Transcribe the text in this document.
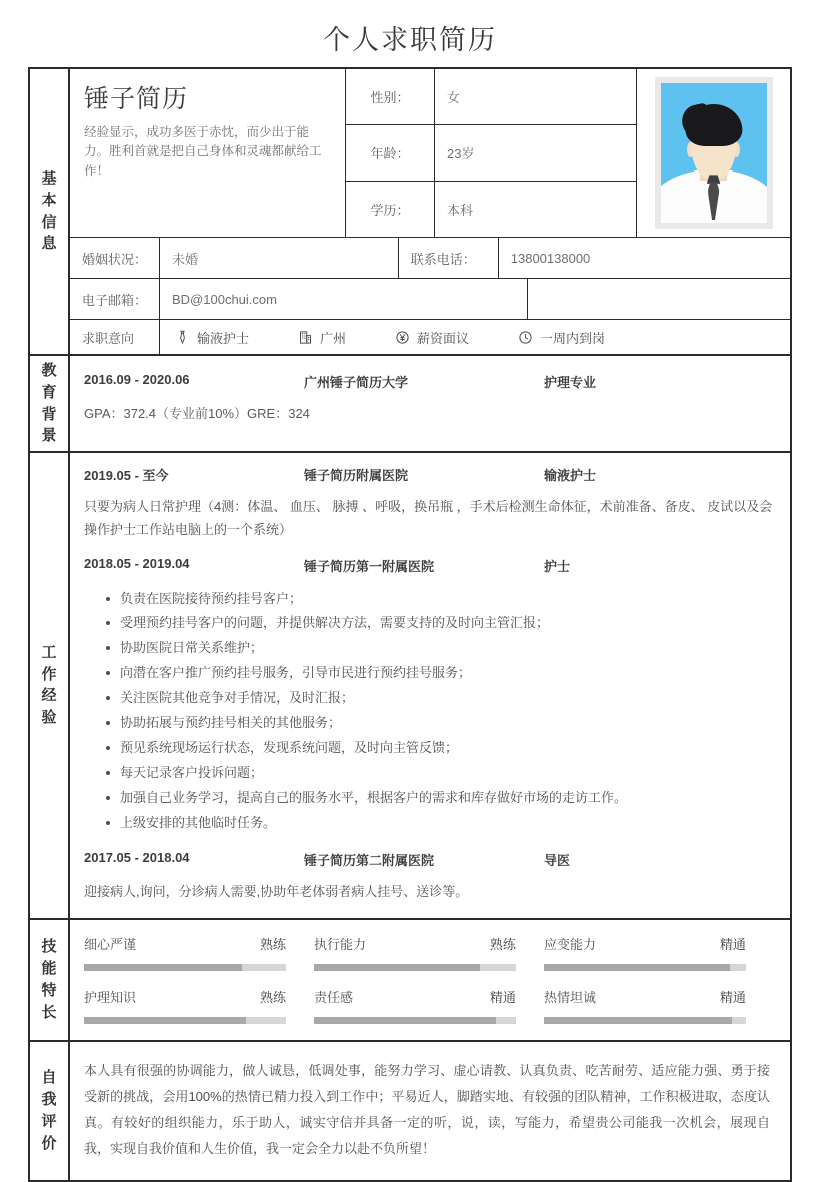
个人求职简历
基
本
信
息
锤子简历
经验显示，成功多医于赤忱，而少出于能力。胜利首就是把自己身体和灵魂都献给工作！
性别：	女
年龄：	23岁
学历：	本科
婚姻状况：	未婚	联系电话：	13800138000
电子邮箱：	BD@100chui.com
求职意向	输液护士	广州	薪资面议	一周内到岗
教
育
背
景
2016.09 - 2020.06	广州锤子简历大学	护理专业
GPA：372.4（专业前10%）GRE：324
工
作
经
验
2019.05 - 至今	锤子简历附属医院	输液护士
只要为病人日常护理（4测：体温、 血压、 脉搏 、呼吸，换吊瓶 ，手术后检测生命体征，术前准备、备皮、 皮试以及会操作护士工作站电脑上的一个系统）
2018.05 - 2019.04	锤子简历第一附属医院	护士
负责在医院接待预约挂号客户；
受理预约挂号客户的问题，并提供解决方法，需要支持的及时向主管汇报；
协助医院日常关系维护；
向潜在客户推广预约挂号服务，引导市民进行预约挂号服务；
关注医院其他竞争对手情况，及时汇报；
协助拓展与预约挂号相关的其他服务；
预见系统现场运行状态，发现系统问题，及时向主管反馈；
每天记录客户投诉问题；
加强自己业务学习，提高自己的服务水平，根据客户的需求和库存做好市场的走访工作。
上级安排的其他临时任务。
2017.05 - 2018.04	锤子简历第二附属医院	导医
迎接病人,询问，分诊病人需要,协助年老体弱者病人挂号、送诊等。
技
能
特
长
细心严谨	熟练 执行能力	熟练 应变能力	精通
护理知识	熟练 责任感	精通 热情坦诚	精通
自
我
评
价
本人具有很强的协调能力，做人诚恳，低调处事，能努力学习、虚心请教、认真负责、吃苦耐劳、适应能力强、勇于接受新的挑战，会用100%的热情已精力投入到工作中；平易近人，脚踏实地、有较强的团队精神，工作积极进取，态度认真。有较好的组织能力，乐于助人，诚实守信并具备一定的听，说，读，写能力，希望贵公司能我一次机会，展现自我，实现自我价值和人生价值，我一定会全力以赴不负所望！
